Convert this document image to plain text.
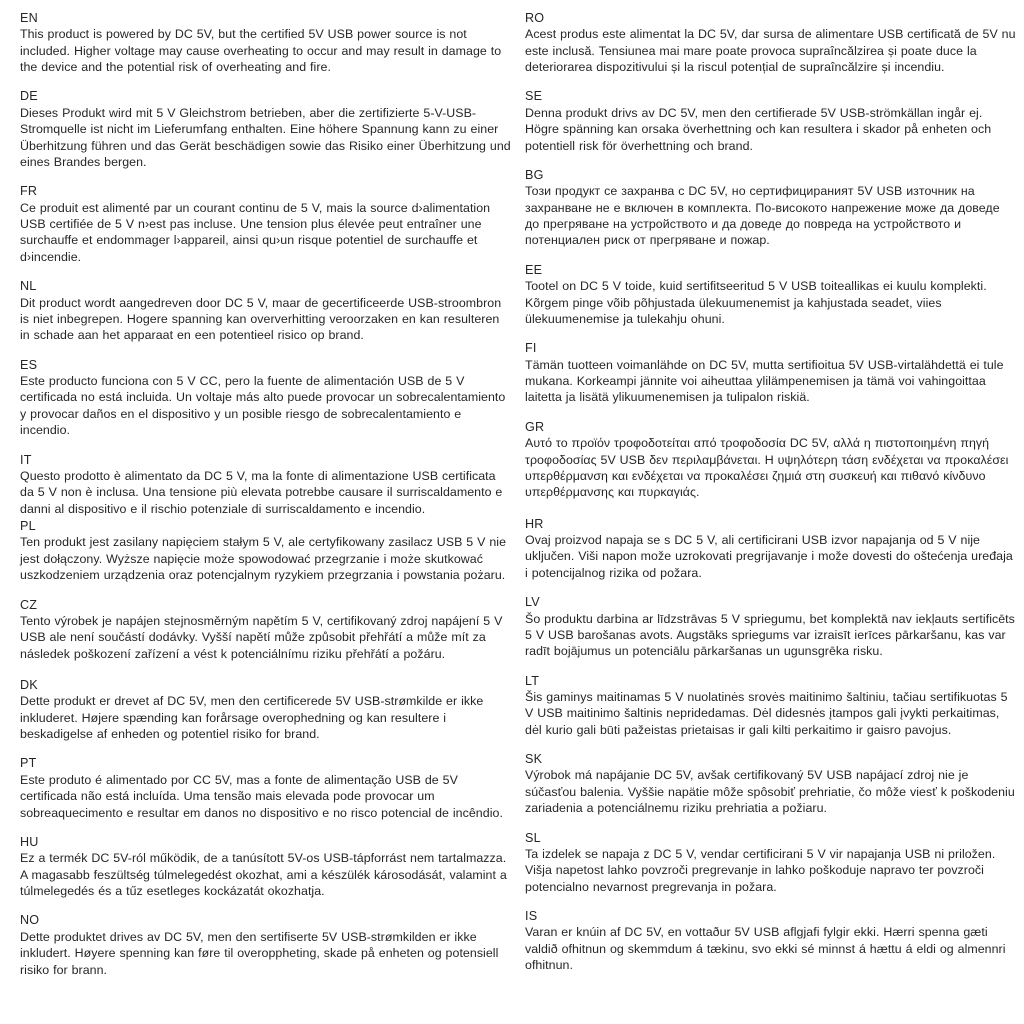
EN
This product is powered by DC 5V, but the certified 5V USB power source is not included. Higher voltage may cause overheating to occur and may result in damage to the device and the potential risk of overheating and fire.
DE
Dieses Produkt wird mit 5 V Gleichstrom betrieben, aber die zertifizierte 5-V-USB-Stromquelle ist nicht im Lieferumfang enthalten. Eine höhere Spannung kann zu einer Überhitzung führen und das Gerät beschädigen sowie das Risiko einer Überhitzung und eines Brandes bergen.
FR
Ce produit est alimenté par un courant continu de 5 V, mais la source d›alimentation USB certifiée de 5 V n›est pas incluse. Une tension plus élevée peut entraîner une surchauffe et endommager l›appareil, ainsi qu›un risque potentiel de surchauffe et d›incendie.
NL
Dit product wordt aangedreven door DC 5 V, maar de gecertificeerde USB-stroombron is niet inbegrepen. Hogere spanning kan oververhitting veroorzaken en kan resulteren in schade aan het apparaat en een potentieel risico op brand.
ES
Este producto funciona con 5 V CC, pero la fuente de alimentación USB de 5 V certificada no está incluida. Un voltaje más alto puede provocar un sobrecalentamiento y provocar daños en el dispositivo y un posible riesgo de sobrecalentamiento e incendio.
IT
Questo prodotto è alimentato da DC 5 V, ma la fonte di alimentazione USB certificata da 5 V non è inclusa. Una tensione più elevata potrebbe causare il surriscaldamento e danni al dispositivo e il rischio potenziale di surriscaldamento e incendio.
PL
Ten produkt jest zasilany napięciem stałym 5 V, ale certyfikowany zasilacz USB 5 V nie jest dołączony. Wyższe napięcie może spowodować przegrzanie i może skutkować uszkodzeniem urządzenia oraz potencjalnym ryzykiem przegrzania i powstania pożaru.
CZ
Tento výrobek je napájen stejnosměrným napětím 5 V, certifikovaný zdroj napájení 5 V USB ale není součástí dodávky. Vyšší napětí může způsobit přehřátí a může mít za následek poškození zařízení a vést k potenciálnímu riziku přehřátí a požáru.
DK
Dette produkt er drevet af DC 5V, men den certificerede 5V USB-strømkilde er ikke inkluderet. Højere spænding kan forårsage overophedning og kan resultere i beskadigelse af enheden og potentiel risiko for brand.
PT
Este produto é alimentado por CC 5V, mas a fonte de alimentação USB de 5V certificada não está incluída. Uma tensão mais elevada pode provocar um sobreaquecimento e resultar em danos no dispositivo e no risco potencial de incêndio.
HU
Ez a termék DC 5V-ról működik, de a tanúsított 5V-os USB-tápforrást nem tartalmazza. A magasabb feszültség túlmelegedést okozhat, ami a készülék károsodását, valamint a túlmelegedés és a tűz esetleges kockázatát okozhatja.
NO
Dette produktet drives av DC 5V, men den sertifiserte 5V USB-strømkilden er ikke inkludert. Høyere spenning kan føre til overoppheting, skade på enheten og potensiell risiko for brann.
RO
Acest produs este alimentat la DC 5V, dar sursa de alimentare USB certificată de 5V nu este inclusă. Tensiunea mai mare poate provoca supraîncălzirea și poate duce la deteriorarea dispozitivului și la riscul potențial de supraîncălzire și incendiu.
SE
Denna produkt drivs av DC 5V, men den certifierade 5V USB-strömkällan ingår ej. Högre spänning kan orsaka överhettning och kan resultera i skador på enheten och potentiell risk för överhettning och brand.
BG
Този продукт се захранва с DC 5V, но сертифицираният 5V USB източник на захранване не е включен в комплекта. По-високото напрежение може да доведе до прегряване на устройството и да доведе до повреда на устройството и потенциален риск от прегряване и пожар.
EE
Tootel on DC 5 V toide, kuid sertifitseeritud 5 V USB toiteallikas ei kuulu komplekti. Kõrgem pinge võib põhjustada ülekuumenemist ja kahjustada seadet, viies ülekuumenemise ja tulekahju ohuni.
FI
Tämän tuotteen voimanlähde on DC 5V, mutta sertifioitua 5V USB-virtalähdettä ei tule mukana. Korkeampi jännite voi aiheuttaa ylilämpenemisen ja tämä voi vahingoittaa laitetta ja lisätä ylikuumenemisen ja tulipalon riskiä.
GR
Αυτό το προϊόν τροφοδοτείται από τροφοδοσία DC 5V, αλλά η πιστοποιημένη πηγή τροφοδοσίας 5V USB δεν περιλαμβάνεται. Η υψηλότερη τάση ενδέχεται να προκαλέσει υπερθέρμανση και ενδέχεται να προκαλέσει ζημιά στη συσκευή και πιθανό κίνδυνο υπερθέρμανσης και πυρκαγιάς.
HR
Ovaj proizvod napaja se s DC 5 V, ali certificirani USB izvor napajanja od 5 V nije uključen. Viši napon može uzrokovati pregrijavanje i može dovesti do oštećenja uređaja i potencijalnog rizika od požara.
LV
Šo produktu darbina ar līdzstrāvas 5 V spriegumu, bet komplektā nav iekļauts sertificēts 5 V USB barošanas avots. Augstāks spriegums var izraisīt ierīces pārkaršanu, kas var radīt bojājumus un potenciālu pārkaršanas un ugunsgrēka risku.
LT
Šis gaminys maitinamas 5 V nuolatinės srovės maitinimo šaltiniu, tačiau sertifikuotas 5 V USB maitinimo šaltinis nepridedamas. Dėl didesnės įtampos gali įvykti perkaitimas, dėl kurio gali būti pažeistas prietaisas ir gali kilti perkaitimo ir gaisro pavojus.
SK
Výrobok má napájanie DC 5V, avšak certifikovaný 5V USB napájací zdroj nie je súčasťou balenia. Vyššie napätie môže spôsobiť prehriatie, čo môže viesť k poškodeniu zariadenia a potenciálnemu riziku prehriatia a požiaru.
SL
Ta izdelek se napaja z DC 5 V, vendar certificirani 5 V vir napajanja USB ni priložen. Višja napetost lahko povzroči pregrevanje in lahko poškoduje napravo ter povzroči potencialno nevarnost pregrevanja in požara.
IS
Varan er knúin af DC 5V, en vottaður 5V USB aflgjafi fylgir ekki. Hærri spenna gæti valdið ofhitnun og skemmdum á tækinu, svo ekki sé minnst á hættu á eldi og almennri ofhitnun.
